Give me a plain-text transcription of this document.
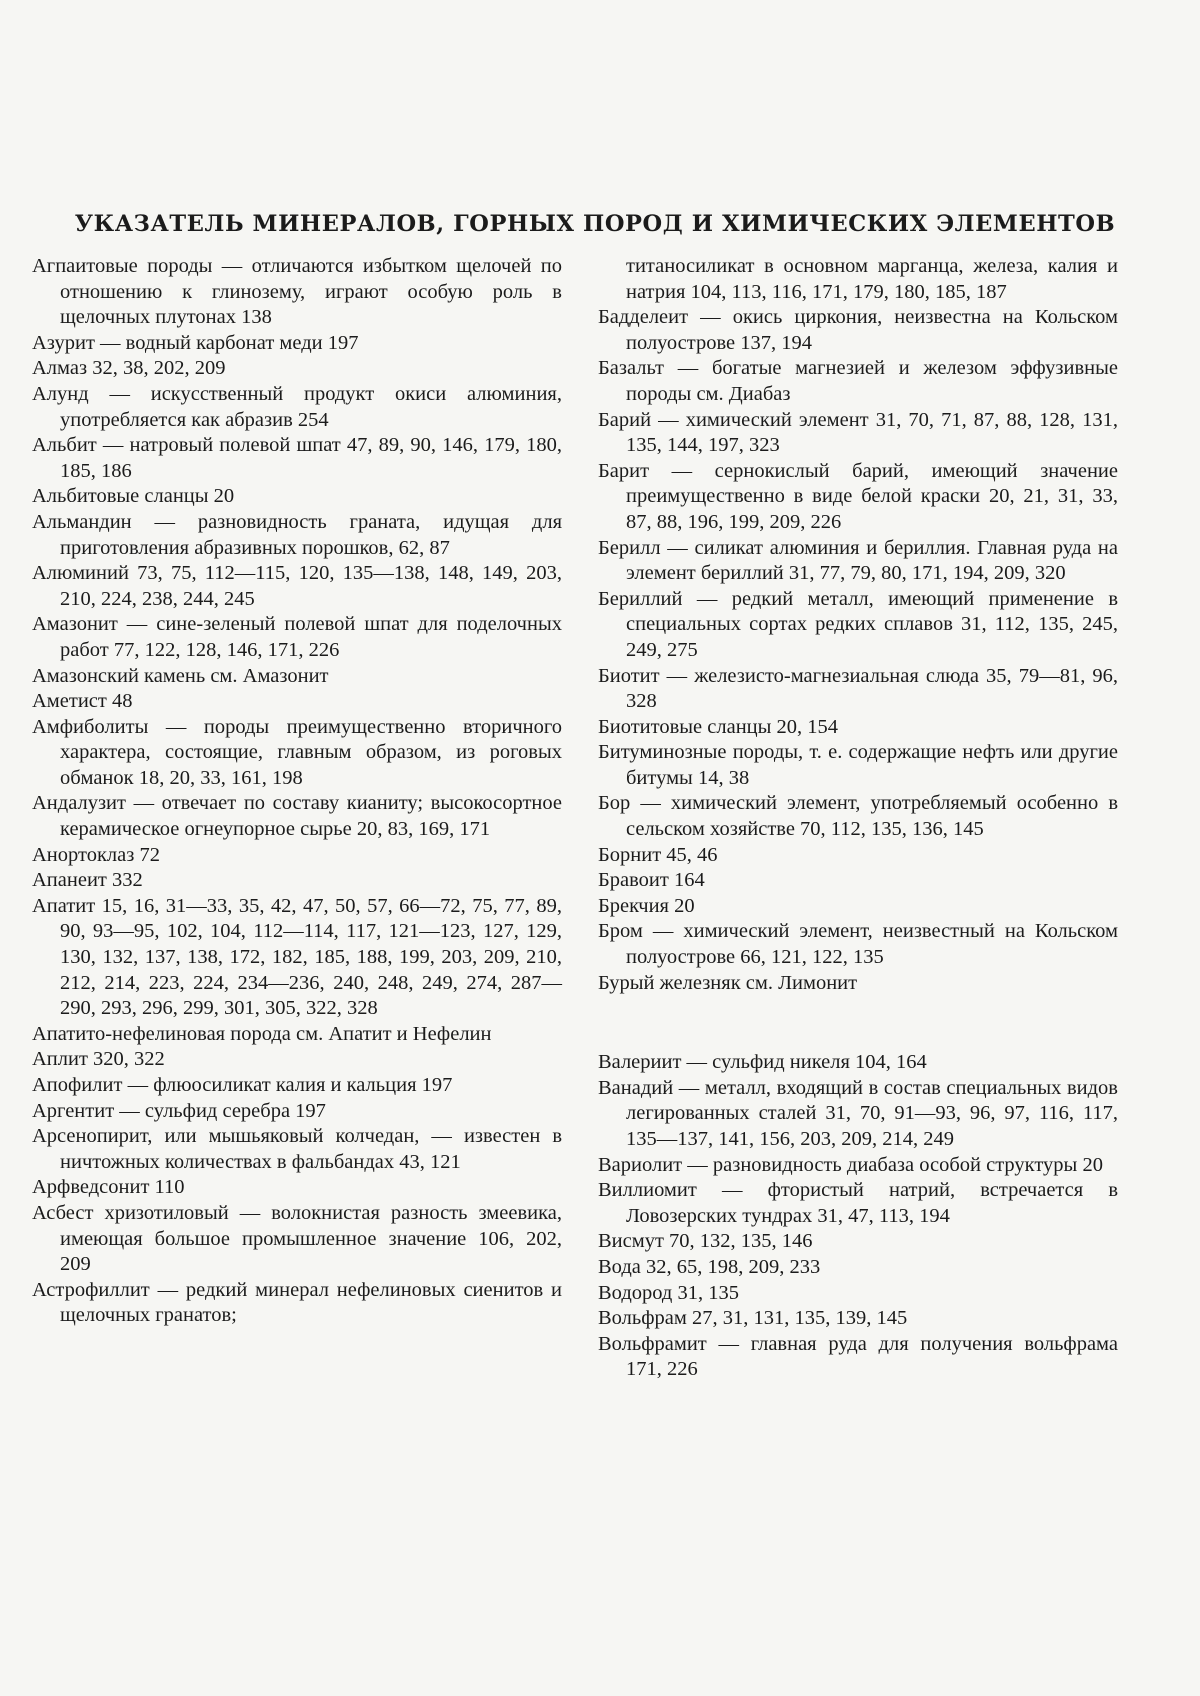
УКАЗАТЕЛЬ МИНЕРАЛОВ, ГОРНЫХ ПОРОД И ХИМИЧЕСКИХ ЭЛЕМЕНТОВ
Агпаитовые породы — отличаются избытком щелочей по отношению к глинозему, играют особую роль в щелочных плутонах 138
Азурит — водный карбонат меди 197
Алмаз 32, 38, 202, 209
Алунд — искусственный продукт окиси алюминия, употребляется как абразив 254
Альбит — натровый полевой шпат 47, 89, 90, 146, 179, 180, 185, 186
Альбитовые сланцы 20
Альмандин — разновидность граната, идущая для приготовления абразивных порошков, 62, 87
Алюминий 73, 75, 112—115, 120, 135—138, 148, 149, 203, 210, 224, 238, 244, 245
Амазонит — сине-зеленый полевой шпат для поделочных работ 77, 122, 128, 146, 171, 226
Амазонский камень см. Амазонит
Аметист 48
Амфиболиты — породы преимущественно вторичного характера, состоящие, главным образом, из роговых обманок 18, 20, 33, 161, 198
Андалузит — отвечает по составу кианиту; высокосортное керамическое огнеупорное сырье 20, 83, 169, 171
Анортоклаз 72
Апанеит 332
Апатит 15, 16, 31—33, 35, 42, 47, 50, 57, 66—72, 75, 77, 89, 90, 93—95, 102, 104, 112—114, 117, 121—123, 127, 129, 130, 132, 137, 138, 172, 182, 185, 188, 199, 203, 209, 210, 212, 214, 223, 224, 234—236, 240, 248, 249, 274, 287—290, 293, 296, 299, 301, 305, 322, 328
Апатито-нефелиновая порода см. Апатит и Нефелин
Аплит 320, 322
Апофилит — флюосиликат калия и кальция 197
Аргентит — сульфид серебра 197
Арсенопирит, или мышьяковый колчедан, — известен в ничтожных количествах в фальбандах 43, 121
Арфведсонит 110
Асбест хризотиловый — волокнистая разность змеевика, имеющая большое промышленное значение 106, 202, 209
Астрофиллит — редкий минерал нефелиновых сиенитов и щелочных гранатов;
титаносиликат в основном марганца, железа, калия и натрия 104, 113, 116, 171, 179, 180, 185, 187
Бадделеит — окись циркония, неизвестна на Кольском полуострове 137, 194
Базальт — богатые магнезией и железом эффузивные породы см. Диабаз
Барий — химический элемент 31, 70, 71, 87, 88, 128, 131, 135, 144, 197, 323
Барит — сернокислый барий, имеющий значение преимущественно в виде белой краски 20, 21, 31, 33, 87, 88, 196, 199, 209, 226
Берилл — силикат алюминия и бериллия. Главная руда на элемент бериллий 31, 77, 79, 80, 171, 194, 209, 320
Бериллий — редкий металл, имеющий применение в специальных сортах редких сплавов 31, 112, 135, 245, 249, 275
Биотит — железисто-магнезиальная слюда 35, 79—81, 96, 328
Биотитовые сланцы 20, 154
Битуминозные породы, т. е. содержащие нефть или другие битумы 14, 38
Бор — химический элемент, употребляемый особенно в сельском хозяйстве 70, 112, 135, 136, 145
Борнит 45, 46
Бравоит 164
Брекчия 20
Бром — химический элемент, неизвестный на Кольском полуострове 66, 121, 122, 135
Бурый железняк см. Лимонит
Валериит — сульфид никеля 104, 164
Ванадий — металл, входящий в состав специальных видов легированных сталей 31, 70, 91—93, 96, 97, 116, 117, 135—137, 141, 156, 203, 209, 214, 249
Вариолит — разновидность диабаза особой структуры 20
Виллиомит — фтористый натрий, встречается в Ловозерских тундрах 31, 47, 113, 194
Висмут 70, 132, 135, 146
Вода 32, 65, 198, 209, 233
Водород 31, 135
Вольфрам 27, 31, 131, 135, 139, 145
Вольфрамит — главная руда для получения вольфрама 171, 226
